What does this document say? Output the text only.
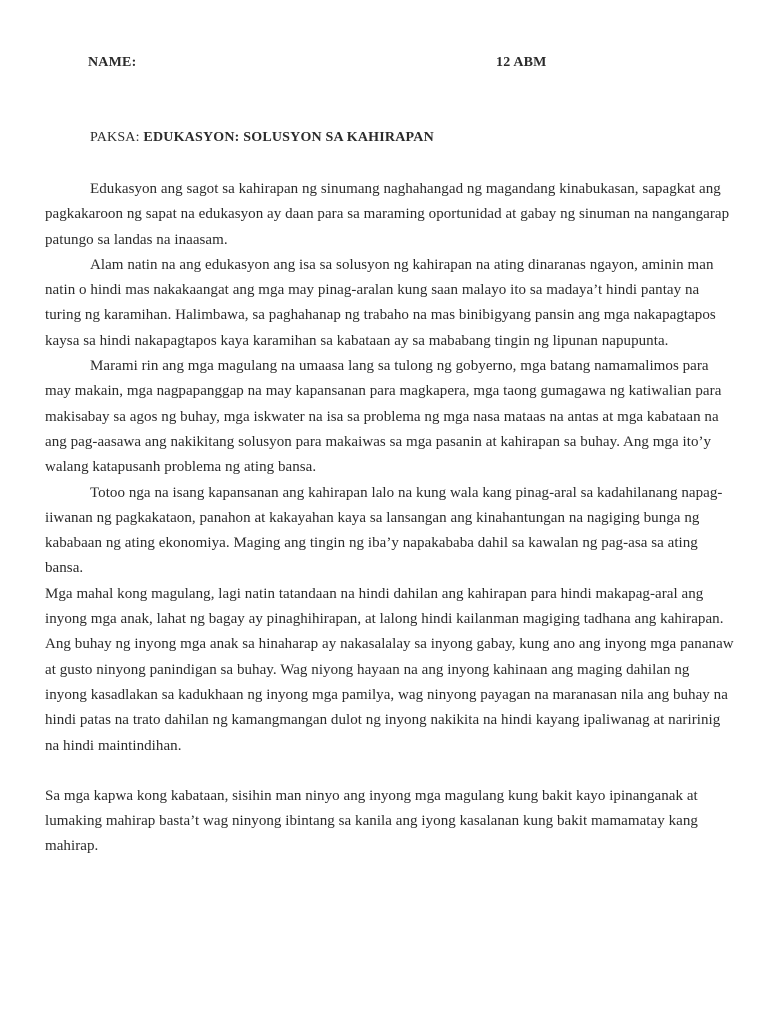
NAME:	12 ABM
PAKSA: EDUKASYON: SOLUSYON SA KAHIRAPAN

Edukasyon ang sagot sa kahirapan ng sinumang naghahangad ng magandang kinabukasan, sapagkat ang pagkakaroon ng sapat na edukasyon ay daan para sa maraming oportunidad at gabay ng sinuman na nangangarap patungo sa landas na inaasam.

Alam natin na ang edukasyon ang isa sa solusyon ng kahirapan na ating dinaranas ngayon, aminin man natin o hindi mas nakakaangat ang mga may pinag-aralan kung saan malayo ito sa madaya’t hindi pantay na turing ng karamihan. Halimbawa, sa paghahanap ng trabaho na mas binibigyang pansin ang mga nakapagtapos kaysa sa hindi nakapagtapos kaya karamihan sa kabataan ay sa mababang tingin ng lipunan napupunta.

Marami rin ang mga magulang na umaasa lang sa tulong ng gobyerno, mga batang namamalimos para may makain, mga nagpapanggap na may kapansanan para magkapera, mga taong gumagawa ng katiwalian para makisabay sa agos ng buhay, mga iskwater na isa sa problema ng mga nasa mataas na antas at mga kabataan na ang pag-aasawa ang nakikitang solusyon para makaiwas sa mga pasanin at kahirapan sa buhay. Ang mga ito’y walang katapusanh problema ng ating bansa.

Totoo nga na isang kapansanan ang kahirapan lalo na kung wala kang pinag-aral sa kadahilanang napag-iiwanan ng pagkakataon, panahon at kakayahan kaya sa lansangan ang kinahantungan na nagiging bunga ng kababaan ng ating ekonomiya. Maging ang tingin ng iba’y napakababa dahil sa kawalan ng pag-asa sa ating bansa.

Mga mahal kong magulang, lagi natin tatandaan na hindi dahilan ang kahirapan para hindi makapag-aral ang inyong mga anak, lahat ng bagay ay pinaghihirapan, at lalong hindi kailanman magiging tadhana ang kahirapan. Ang buhay ng inyong mga anak sa hinaharap ay nakasalalay sa inyong gabay, kung ano ang inyong mga pananaw at gusto ninyong panindigan sa buhay. Wag niyong hayaan na ang inyong kahinaan ang maging dahilan ng inyong kasadlakan sa kadukhaan ng inyong mga pamilya, wag ninyong payagan na maranasan nila ang buhay na hindi patas na trato dahilan ng kamangmangan dulot ng inyong nakikita na hindi kayang ipaliwanag at naririnig na hindi maintindihan.

Sa mga kapwa kong kabataan, sisihin man ninyo ang inyong mga magulang kung bakit kayo ipinanganak at lumaking mahirap basta’t wag ninyong ibintang sa kanila ang iyong kasalanan kung bakit mamamatay kang mahirap.
